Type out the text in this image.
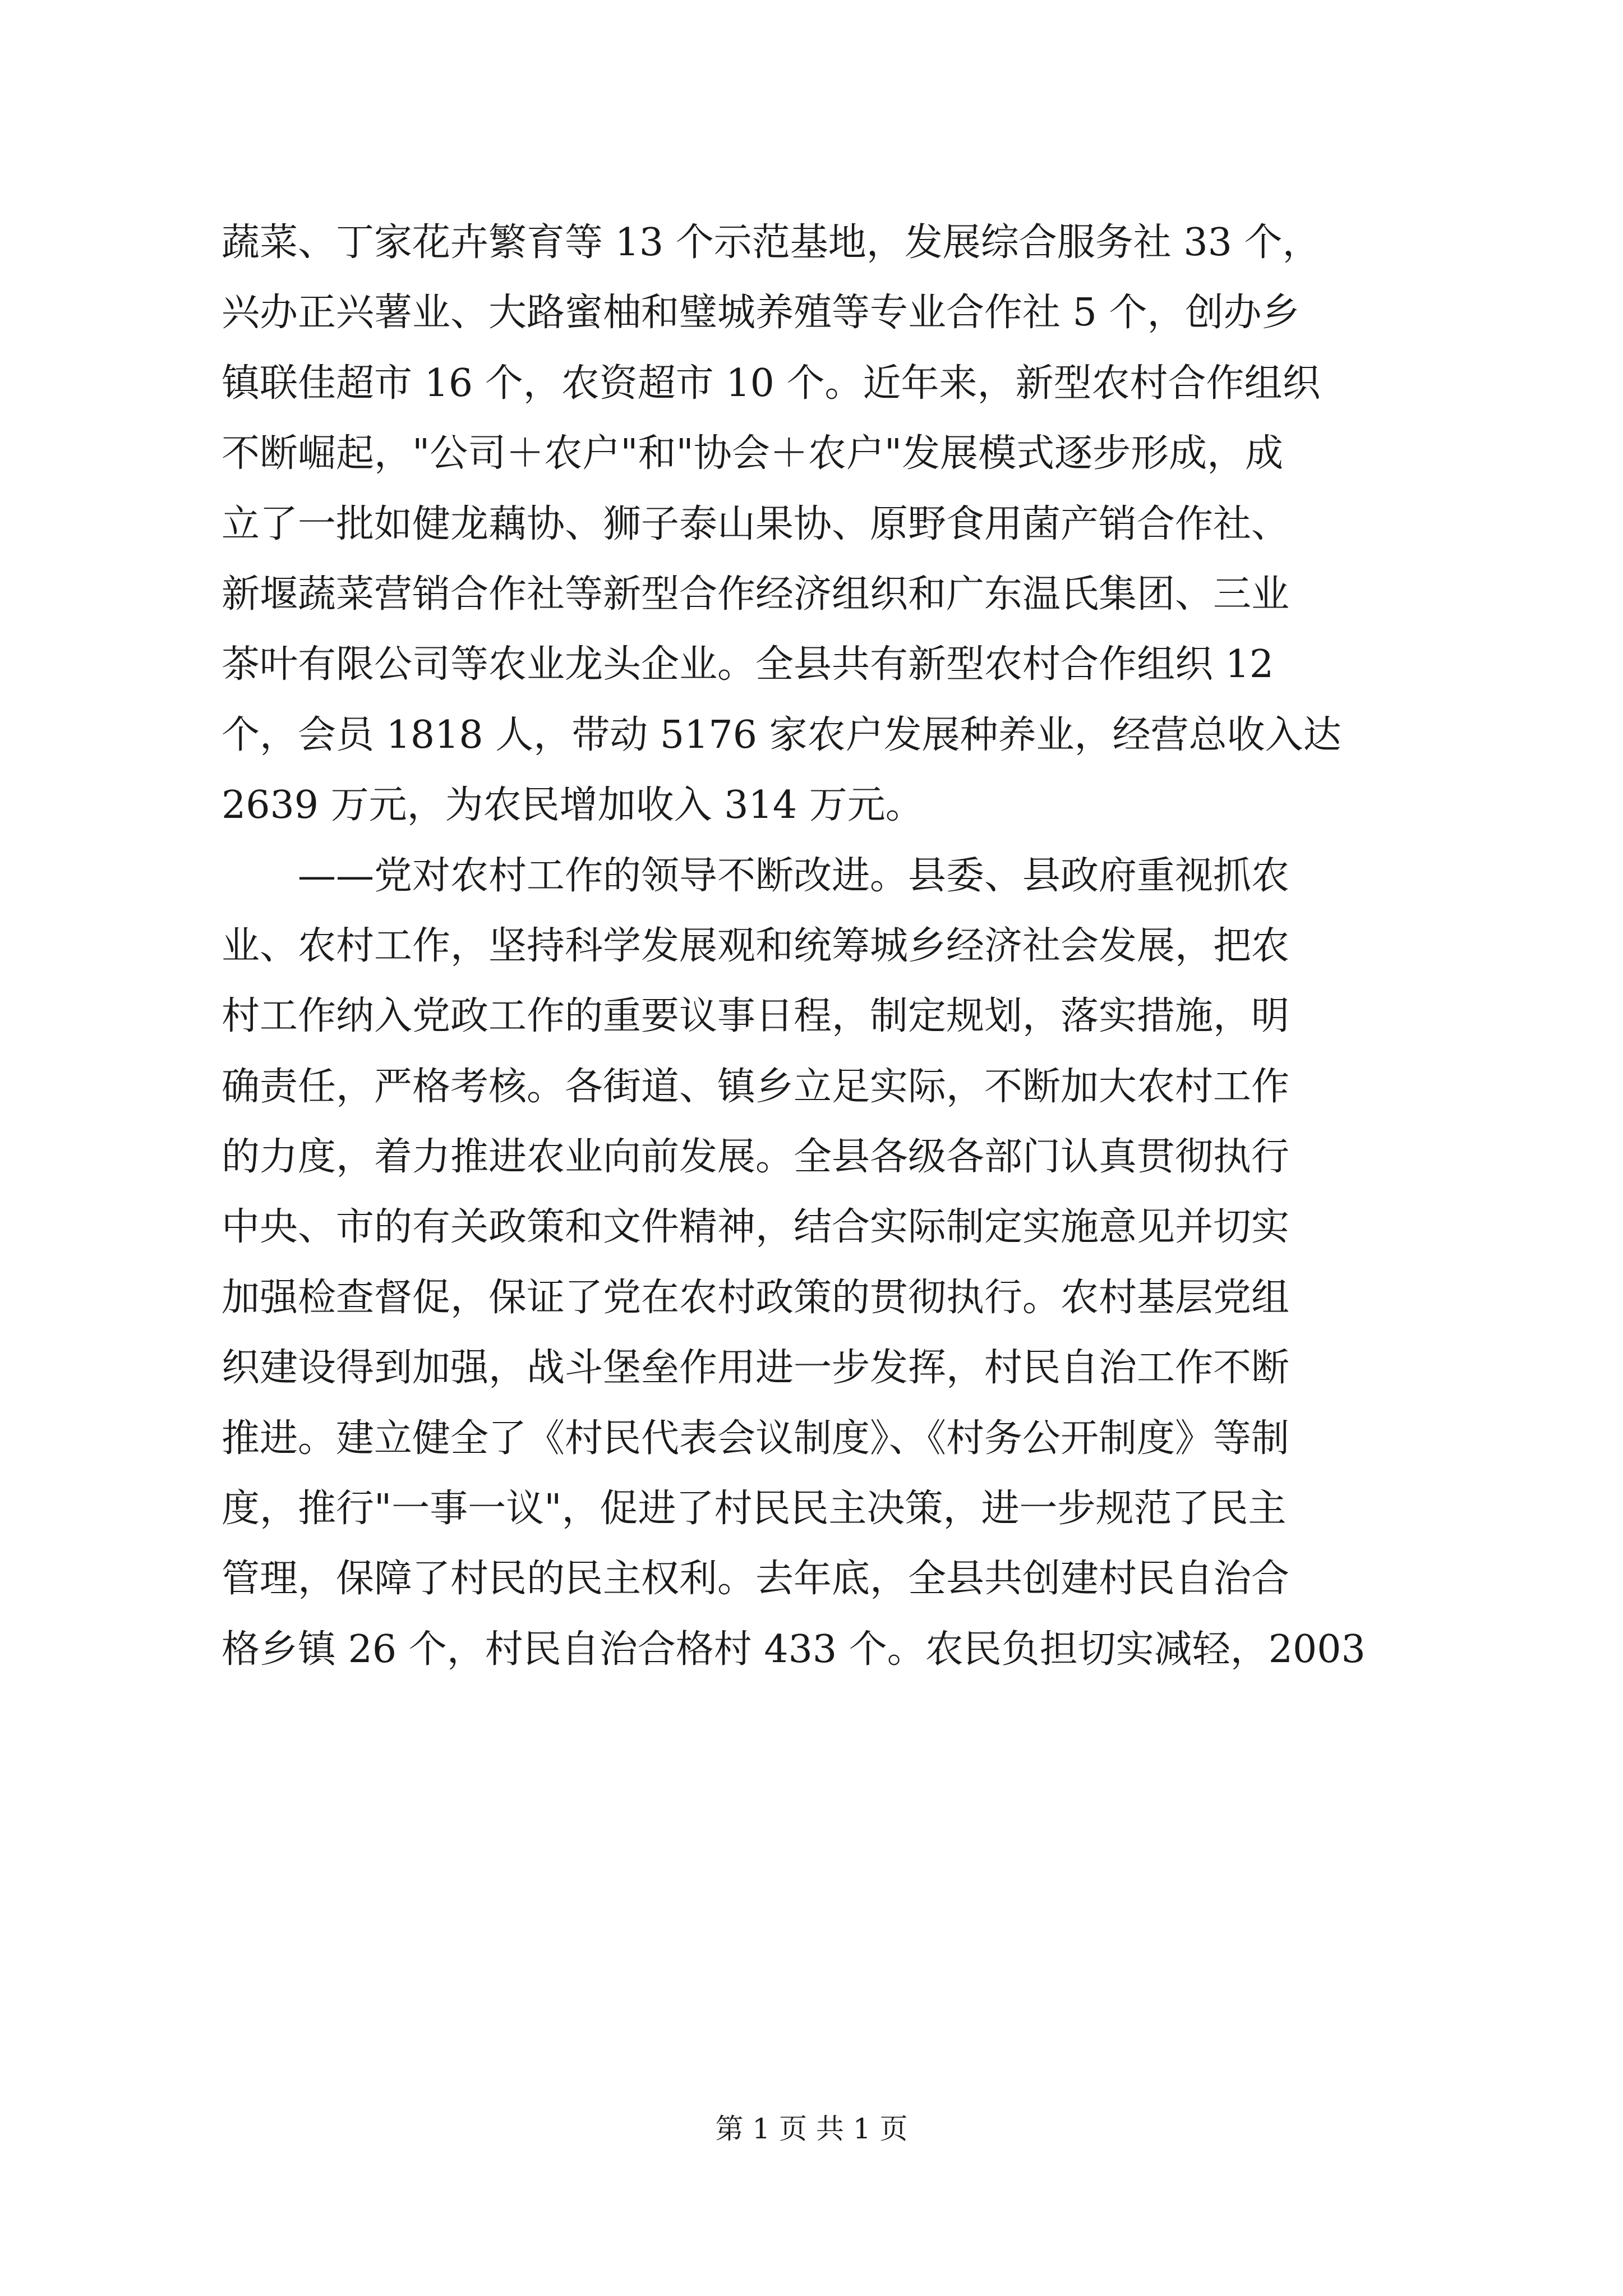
蔬菜、丁家花卉繁育等 13 个示范基地，发展综合服务社 33 个，
兴办正兴薯业、大路蜜柚和璧城养殖等专业合作社 5 个，创办乡
镇联佳超市 16 个，农资超市 10 个。近年来，新型农村合作组织
不断崛起，"公司＋农户"和"协会＋农户"发展模式逐步形成，成
立了一批如健龙藕协、狮子泰山果协、原野食用菌产销合作社、
新堰蔬菜营销合作社等新型合作经济组织和广东温氏集团、三业
茶叶有限公司等农业龙头企业。全县共有新型农村合作组织 12
个，会员 1818 人，带动 5176 家农户发展种养业，经营总收入达
2639 万元，为农民增加收入 314 万元。
——党对农村工作的领导不断改进。县委、县政府重视抓农
业、农村工作，坚持科学发展观和统筹城乡经济社会发展，把农
村工作纳入党政工作的重要议事日程，制定规划，落实措施，明
确责任，严格考核。各街道、镇乡立足实际，不断加大农村工作
的力度，着力推进农业向前发展。全县各级各部门认真贯彻执行
中央、市的有关政策和文件精神，结合实际制定实施意见并切实
加强检查督促，保证了党在农村政策的贯彻执行。农村基层党组
织建设得到加强，战斗堡垒作用进一步发挥，村民自治工作不断
推进。建立健全了《村民代表会议制度》、《村务公开制度》等制
度，推行"一事一议"，促进了村民民主决策，进一步规范了民主
管理，保障了村民的民主权利。去年底，全县共创建村民自治合
格乡镇 26 个，村民自治合格村 433 个。农民负担切实减轻，2003
第 1 页 共 1 页
